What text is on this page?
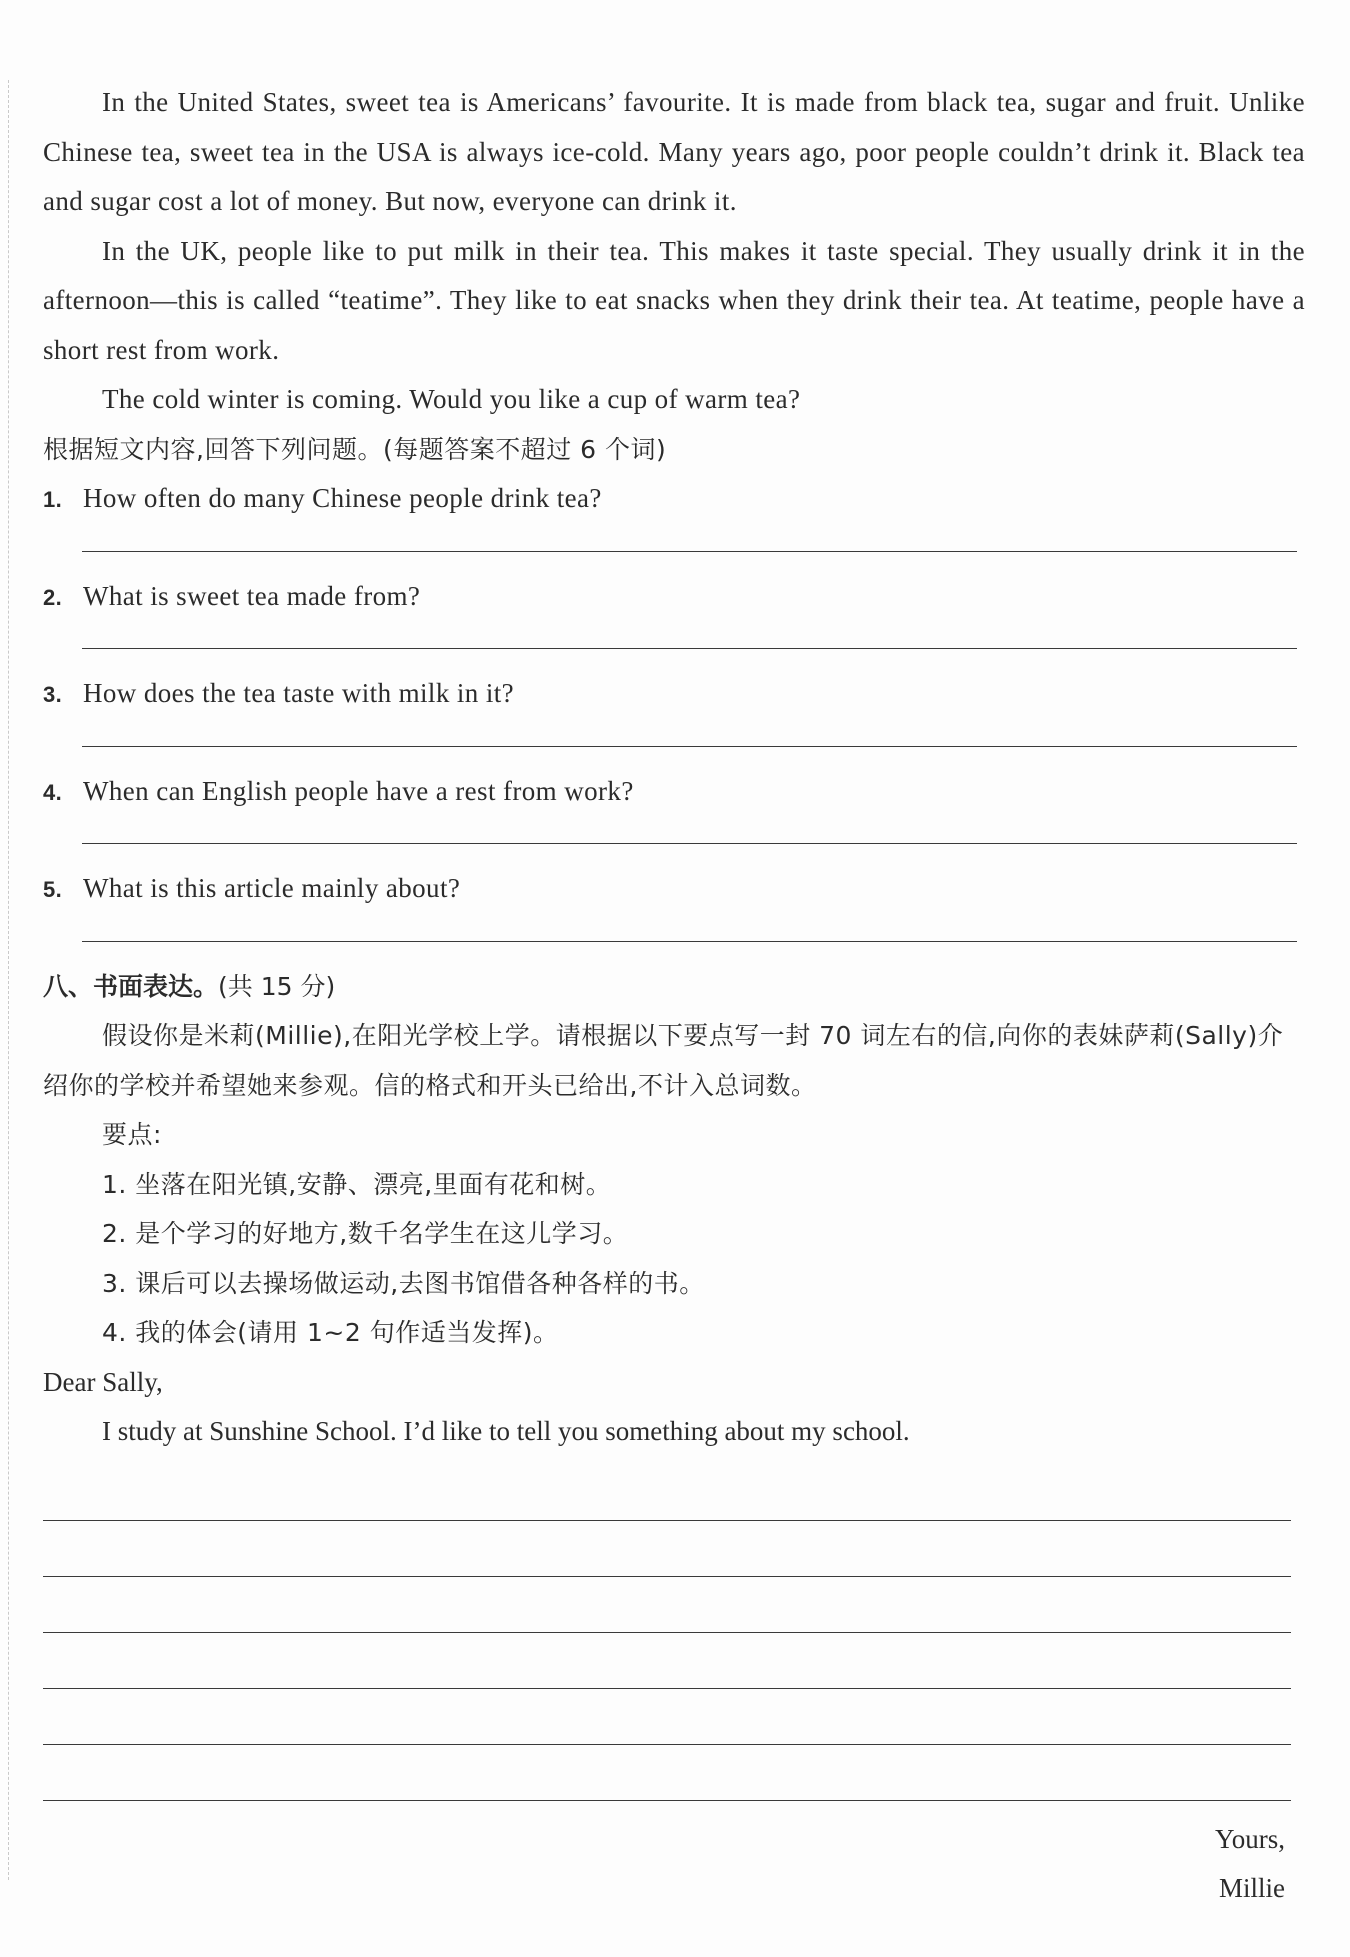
In the United States, sweet tea is Americans’ favourite. It is made from black tea, sugar and fruit. Unlike Chinese tea, sweet tea in the USA is always ice-cold. Many years ago, poor people couldn’t drink it. Black tea and sugar cost a lot of money. But now, everyone can drink it.

In the UK, people like to put milk in their tea. This makes it taste special. They usually drink it in the afternoon—this is called “teatime”. They like to eat snacks when they drink their tea. At teatime, people have a short rest from work.

The cold winter is coming. Would you like a cup of warm tea?

根据短文内容,回答下列问题。(每题答案不超过 6 个词)

1. How often do many Chinese people drink tea?

2. What is sweet tea made from?

3. How does the tea taste with milk in it?

4. When can English people have a rest from work?

5. What is this article mainly about?

八、书面表达。(共 15 分)

假设你是米莉(Millie),在阳光学校上学。请根据以下要点写一封 70 词左右的信,向你的表妹萨莉(Sally)介绍你的学校并希望她来参观。信的格式和开头已给出,不计入总词数。

要点:

1. 坐落在阳光镇,安静、漂亮,里面有花和树。

2. 是个学习的好地方,数千名学生在这儿学习。

3. 课后可以去操场做运动,去图书馆借各种各样的书。

4. 我的体会(请用 1~2 句作适当发挥)。

Dear Sally,

I study at Sunshine School. I’d like to tell you something about my school.

Yours,

Millie
